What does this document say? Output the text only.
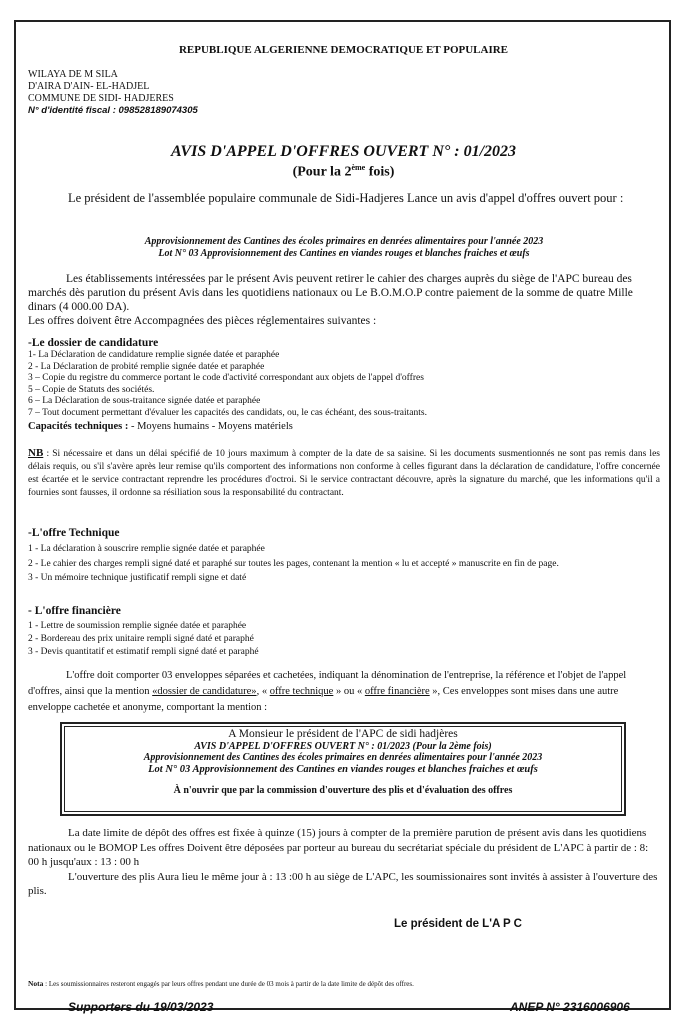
REPUBLIQUE ALGERIENNE DEMOCRATIQUE ET POPULAIRE
WILAYA DE M SILA
D'AIRA D'AIN- EL-HADJEL
COMMUNE DE SIDI- HADJERES
N° d'identité fiscal : 098528189074305
AVIS D'APPEL D'OFFRES OUVERT N° : 01/2023
(Pour la 2ème fois)
Le président de l'assemblée populaire communale de Sidi-Hadjeres Lance un avis d'appel d'offres ouvert pour :
Approvisionnement des Cantines des écoles primaires en denrées alimentaires pour l'année 2023
Lot N° 03 Approvisionnement des Cantines en viandes rouges et blanches fraiches et œufs
Les établissements intéressées par le présent Avis peuvent retirer le cahier des charges auprès du siège de l'APC bureau des marchés dès parution du présent Avis dans les quotidiens nationaux ou Le B.O.M.O.P contre paiement de la somme de quatre Mille dinars (4 000.00 DA).
Les offres doivent être Accompagnées des pièces réglementaires suivantes :
-Le dossier de candidature
1- La Déclaration de candidature remplie signée datée et paraphée
2 - La Déclaration de probité remplie signée datée et paraphée
3 – Copie du registre du commerce portant le code d'activité correspondant aux objets de l'appel d'offres
5 – Copie de Statuts des sociétés.
6 – La Déclaration de sous-traitance signée datée et paraphée
7 – Tout document permettant d'évaluer les capacités des candidats, ou, le cas échéant, des sous-traitants.
Capacités techniques : - Moyens humains - Moyens matériels
NB : Si nécessaire et dans un délai spécifié de 10 jours maximum à compter de la date de sa saisine. Si les documents susmentionnés ne sont pas remis dans les délais requis, ou s'il s'avère après leur remise qu'ils comportent des informations non conforme à celles figurant dans la déclaration de candidature, l'offre concernée est écartée et le service contractant reprendre les procédures d'octroi. Si le service contractant découvre, après la signature du marché, que les informations qu'il a fournies sont fausses, il ordonne sa résiliation sous la responsabilité du contractant.
-L'offre Technique
1 - La déclaration à souscrire remplie signée datée et paraphée
2 - Le cahier des charges rempli signé daté et paraphé sur toutes les pages, contenant la mention « lu et accepté » manuscrite en fin de page.
3 - Un mémoire technique justificatif rempli signe et daté
- L'offre financière
1 - Lettre de soumission remplie signée datée et paraphée
2 - Bordereau des prix unitaire rempli signé daté et paraphé
3 - Devis quantitatif et estimatif rempli signé daté et paraphé
L'offre doit comporter 03 enveloppes séparées et cachetées, indiquant la dénomination de l'entreprise, la référence et l'objet de l'appel d'offres, ainsi que la mention «dossier de candidature», « offre technique » ou « offre financière », Ces enveloppes sont mises dans une autre enveloppe cachetée et anonyme, comportant la mention :
A Monsieur le président de l'APC de sidi hadjères
AVIS D'APPEL D'OFFRES OUVERT N° : 01/2023 (Pour la 2ème fois)
Approvisionnement des Cantines des écoles primaires en denrées alimentaires pour l'année 2023
Lot N° 03 Approvisionnement des Cantines en viandes rouges et blanches fraiches et œufs
À n'ouvrir que par la commission d'ouverture des plis et d'évaluation des offres
La date limite de dépôt des offres est fixée à quinze (15) jours à compter de la première parution de présent avis dans les quotidiens nationaux ou le BOMOP Les offres Doivent être déposées par porteur au bureau du secrétariat spéciale du président de L'APC à partir de : 8: 00 h jusqu'aux : 13 : 00 h
L'ouverture des plis Aura lieu le même jour à : 13 :00 h au siège de L'APC, les soumissionaires sont invités à assister à l'ouverture des plis.
Le président de L'A P C
Nota : Les soumissionnaires resteront engagés par leurs offres pendant une durée de 03 mois à partir de la date limite de dépôt des offres.
Supporters du 19/03/2023	ANEP N° 2316006906
